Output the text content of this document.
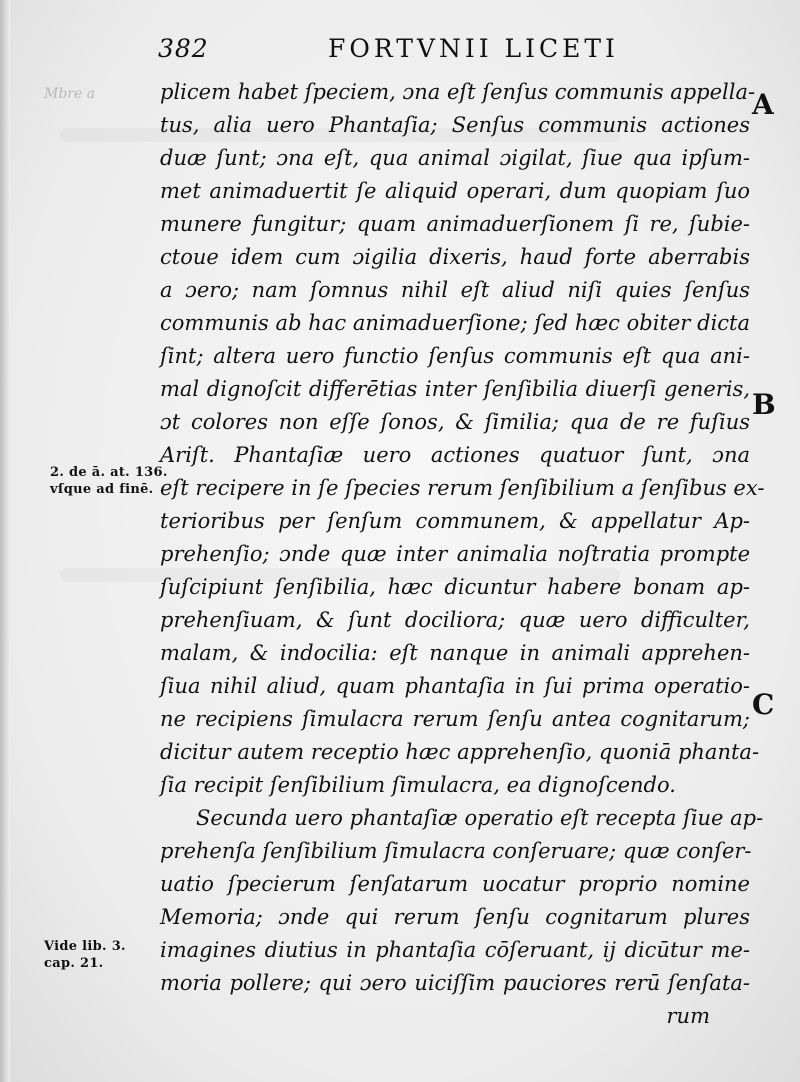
382	FORTVNII LICETI
Mbre a	plicem habet ſpeciem, ɔna eſt ſenſus communis appella-
tus, alia uero Phantaſia; Senſus communis actiones
duæ ſunt; ɔna eſt, qua animal ɔigilat, ſiue qua ipſum-
met animaduertit ſe aliquid operari, dum quopiam ſuo
munere fungitur; quam animaduerſionem ſi re, ſubie-
ctoue idem cum ɔigilia dixeris, haud forte aberrabis
a ɔero; nam ſomnus nihil eſt aliud niſi quies ſenſus
communis ab hac animaduerſione; ſed hæc obiter dicta
ſint; altera uero functio ſenſus communis eſt qua ani-
mal dignoſcit differētias inter ſenſibilia diuerſi generis,
ɔt colores non eſſe ſonos, & ſimilia; qua de re fuſius
Ariſt. Phantaſiæ uero actiones quatuor ſunt, ɔna
eſt recipere in ſe ſpecies rerum ſenſibilium a ſenſibus ex-
terioribus per ſenſum communem, & appellatur Ap-
prehenſio; ɔnde quæ inter animalia noſtratia prompte
ſuſcipiunt ſenſibilia, hæc dicuntur habere bonam ap-
prehenſiuam, & ſunt dociliora; quæ uero difficulter,
malam, & indocilia: eſt nanque in animali apprehen-
ſiua nihil aliud, quam phantaſia in ſui prima operatio-
ne recipiens ſimulacra rerum ſenſu antea cognitarum;
dicitur autem receptio hæc apprehenſio, quoniā phanta-
ſia recipit ſenſibilium ſimulacra, ea dignoſcendo.
Secunda uero phantaſiæ operatio eſt recepta ſiue ap-
prehenſa ſenſibilium ſimulacra conſeruare; quæ conſer-
uatio ſpecierum ſenſatarum uocatur proprio nomine
Memoria; ɔnde qui rerum ſenſu cognitarum plures
imagines diutius in phantaſia cōſeruant, ij dicūtur me-
moria pollere; qui ɔero uiciſſim pauciores rerū ſenſata-
rum
2. de ā. at. 136.
vſque ad finē.
Vide lib. 3.
cap. 21.
A
B
C
